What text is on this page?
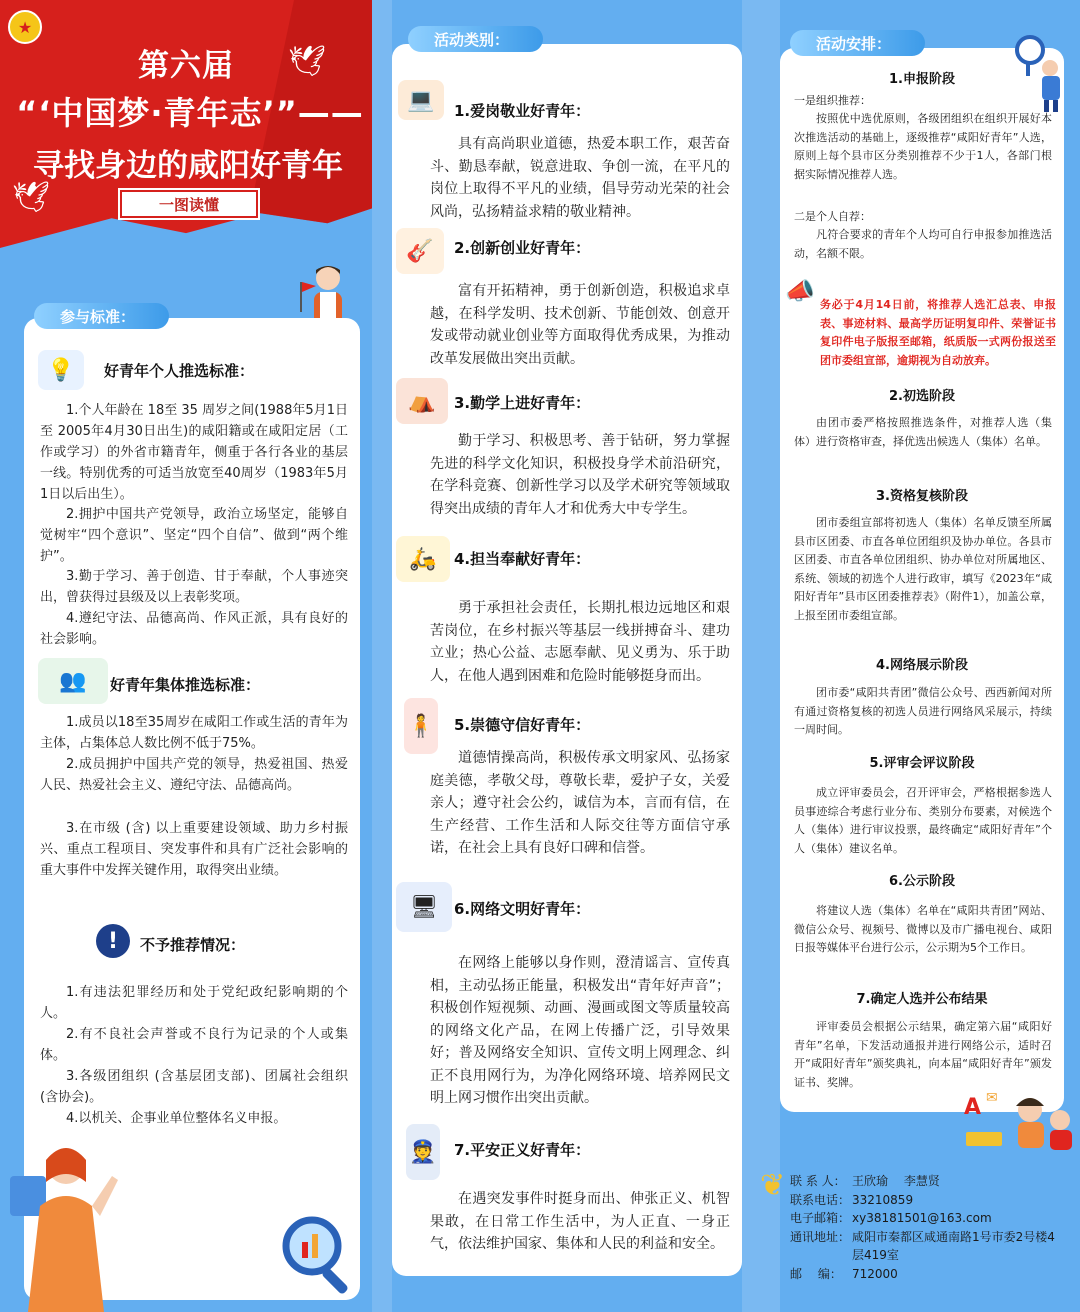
★
🕊
🕊
第六届
“‘中国梦·青年志’”——
寻找身边的咸阳好青年
一图读懂
💡	好青年个人推选标准：
1.个人年龄在 18至 35 周岁之间(1988年5月1日至 2005年4月30日出生)的咸阳籍或在咸阳定居（工作或学习）的外省市籍青年，侧重于各行各业的基层一线。特别优秀的可适当放宽至40周岁（1983年5月1日以后出生）。
2.拥护中国共产党领导，政治立场坚定，能够自觉树牢“四个意识”、坚定“四个自信”、做到“两个维护”。
3.勤于学习、善于创造、甘于奉献，个人事迹突出，曾获得过县级及以上表彰奖项。
4.遵纪守法、品德高尚、作风正派，具有良好的社会影响。
👥	好青年集体推选标准：
1.成员以18至35周岁在咸阳工作或生活的青年为主体，占集体总人数比例不低于75%。
2.成员拥护中国共产党的领导，热爱祖国、热爱人民、热爱社会主义、遵纪守法、品德高尚。
3.在市级 (含) 以上重要建设领域、助力乡村振兴、重点工程项目、突发事件和具有广泛社会影响的重大事件中发挥关键作用，取得突出业绩。
!	不予推荐情况：
1.有违法犯罪经历和处于党纪政纪影响期的个人。
2.有不良社会声誉或不良行为记录的个人或集体。
3.各级团组织 (含基层团支部)、团属社会组织 (含协会)。
4.以机关、企事业单位整体名义申报。
参与标准：
💻	1.爱岗敬业好青年：
具有高尚职业道德，热爱本职工作，艰苦奋斗、勤恳奉献，锐意进取、争创一流，在平凡的岗位上取得不平凡的业绩，倡导劳动光荣的社会风尚，弘扬精益求精的敬业精神。
🎸	2.创新创业好青年：
富有开拓精神，勇于创新创造，积极追求卓越，在科学发明、技术创新、节能创效、创意开发或带动就业创业等方面取得优秀成果，为推动改革发展做出突出贡献。
⛺	3.勤学上进好青年：
勤于学习、积极思考、善于钻研，努力掌握先进的科学文化知识，积极投身学术前沿研究，在学科竞赛、创新性学习以及学术研究等领域取得突出成绩的青年人才和优秀大中专学生。
🛵	4.担当奉献好青年：
勇于承担社会责任，长期扎根边远地区和艰苦岗位，在乡村振兴等基层一线拼搏奋斗、建功立业；热心公益、志愿奉献、见义勇为、乐于助人，在他人遇到困难和危险时能够挺身而出。
🧍 5.崇德守信好青年：
道德情操高尚，积极传承文明家风、弘扬家庭美德，孝敬父母，尊敬长辈，爱护子女，关爱亲人；遵守社会公约，诚信为本，言而有信，在生产经营、工作生活和人际交往等方面信守承诺，在社会上具有良好口碑和信誉。
🖥	6.网络文明好青年：
在网络上能够以身作则，澄清谣言、宣传真相，主动弘扬正能量，积极发出“青年好声音”；积极创作短视频、动画、漫画或图文等质量较高的网络文化产品，在网上传播广泛，引导效果好；普及网络安全知识、宣传文明上网理念、纠正不良用网行为，为净化网络环境、培养网民文明上网习惯作出突出贡献。
👮 7.平安正义好青年：
在遇突发事件时挺身而出、伸张正义、机智果敢，在日常工作生活中，为人正直、一身正气，依法维护国家、集体和人民的利益和安全。
活动类别：
1.申报阶段
一是组织推荐：
按照优中选优原则，各级团组织在组织开展好本次推选活动的基础上，逐级推荐“咸阳好青年”人选，原则上每个县市区分类别推荐不少于1人，各部门根据实际情况推荐人选。
二是个人自荐：
凡符合要求的青年个人均可自行申报参加推选活动，名额不限。
📣 务必于4月14日前，将推荐人选汇总表、申报表、事迹材料、最高学历证明复印件、荣誉证书复印件电子版报至邮箱，纸质版一式两份报送至团市委组宣部，逾期视为自动放弃。
2.初选阶段
由团市委严格按照推选条件，对推荐人选（集体）进行资格审查，择优选出候选人（集体）名单。
3.资格复核阶段
团市委组宣部将初选人（集体）名单反馈至所属县市区团委、市直各单位团组织及协办单位。各县市区团委、市直各单位团组织、协办单位对所属地区、系统、领域的初选个人进行政审，填写《2023年“咸阳好青年”县市区团委推荐表》（附件1），加盖公章，上报至团市委组宣部。
4.网络展示阶段
团市委“咸阳共青团”微信公众号、西西新闻对所有通过资格复核的初选人员进行网络风采展示，持续一周时间。
5.评审会评议阶段
成立评审委员会，召开评审会，严格根据参选人员事迹综合考虑行业分布、类别分布要素，对候选个人（集体）进行审议投票，最终确定“咸阳好青年”个人（集体）建议名单。
6.公示阶段
将建议人选（集体）名单在“咸阳共青团”网站、微信公众号、视频号、微博以及市广播电视台、咸阳日报等媒体平台进行公示，公示期为5个工作日。
7.确定人选并公布结果
评审委员会根据公示结果，确定第六届“咸阳好青年”名单，下发活动通报并进行网络公示，适时召开“咸阳好青年”颁奖典礼，向本届“咸阳好青年”颁发证书、奖牌。
活动安排：
A ✉
❦ 联 系 人： 王欣瑜　 李慧贤
联系电话： 33210859
电子邮箱： xy38181501@163.com
通讯地址： 咸阳市秦都区咸通南路1号市委2号楼4层419室
邮　 编： 712000
